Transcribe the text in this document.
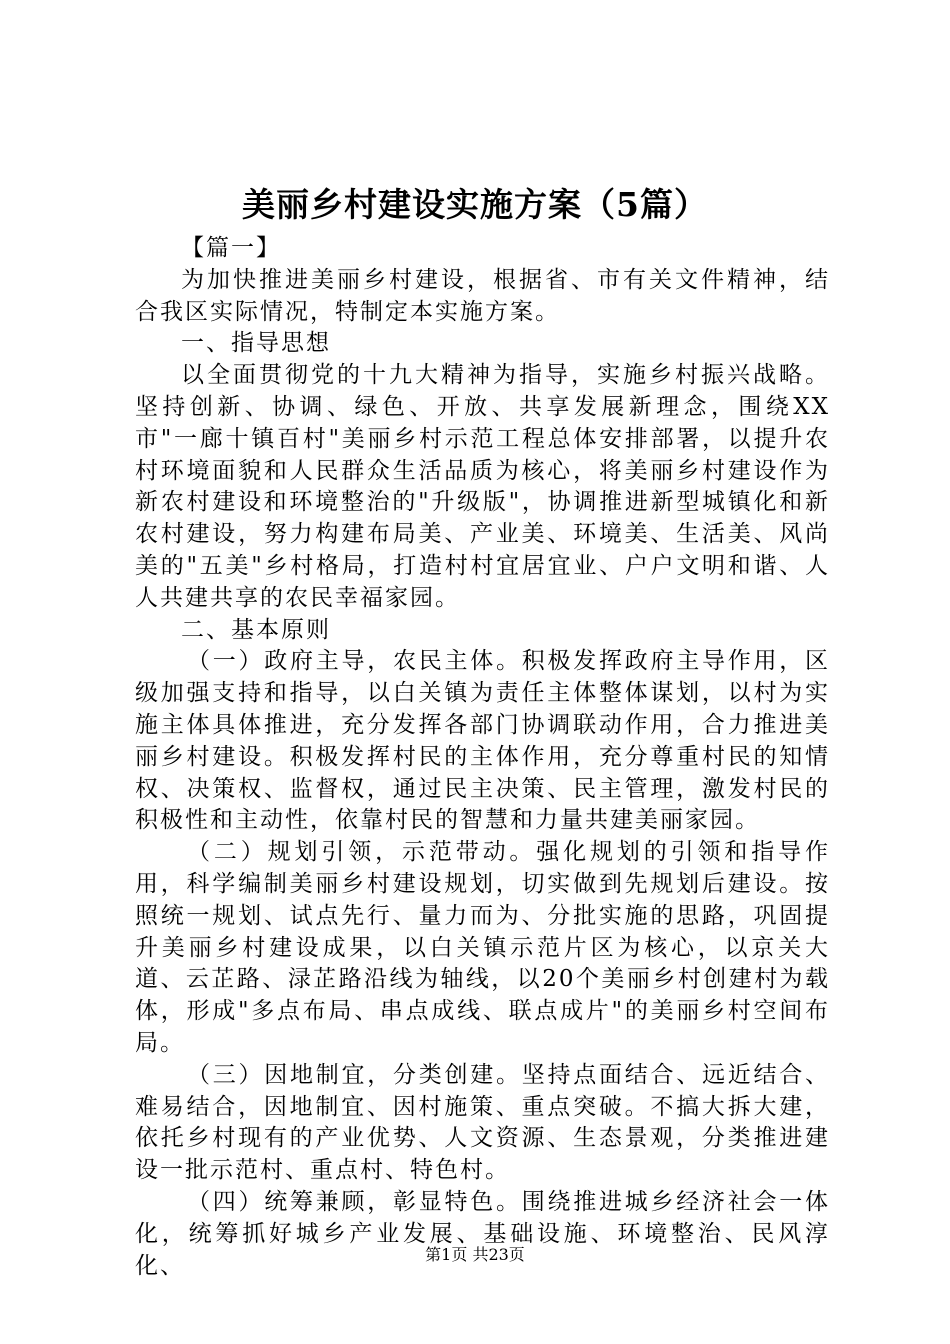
美丽乡村建设实施方案（5篇）

【篇一】

为加快推进美丽乡村建设，根据省、市有关文件精神，结合我区实际情况，特制定本实施方案。

一、指导思想

以全面贯彻党的十九大精神为指导，实施乡村振兴战略。坚持创新、协调、绿色、开放、共享发展新理念，围绕XX市"一廊十镇百村"美丽乡村示范工程总体安排部署，以提升农村环境面貌和人民群众生活品质为核心，将美丽乡村建设作为新农村建设和环境整治的"升级版"，协调推进新型城镇化和新农村建设，努力构建布局美、产业美、环境美、生活美、风尚美的"五美"乡村格局，打造村村宜居宜业、户户文明和谐、人人共建共享的农民幸福家园。

二、基本原则

（一）政府主导，农民主体。积极发挥政府主导作用，区级加强支持和指导，以白关镇为责任主体整体谋划，以村为实施主体具体推进，充分发挥各部门协调联动作用，合力推进美丽乡村建设。积极发挥村民的主体作用，充分尊重村民的知情权、决策权、监督权，通过民主决策、民主管理，激发村民的积极性和主动性，依靠村民的智慧和力量共建美丽家园。

（二）规划引领，示范带动。强化规划的引领和指导作用，科学编制美丽乡村建设规划，切实做到先规划后建设。按照统一规划、试点先行、量力而为、分批实施的思路，巩固提升美丽乡村建设成果，以白关镇示范片区为核心，以京关大道、云芷路、渌芷路沿线为轴线，以20个美丽乡村创建村为载体，形成"多点布局、串点成线、联点成片"的美丽乡村空间布局。

（三）因地制宜，分类创建。坚持点面结合、远近结合、难易结合，因地制宜、因村施策、重点突破。不搞大拆大建，依托乡村现有的产业优势、人文资源、生态景观，分类推进建设一批示范村、重点村、特色村。

（四）统筹兼顾，彰显特色。围绕推进城乡经济社会一体化，统筹抓好城乡产业发展、基础设施、环境整治、民风淳化、	第1页 共23页
